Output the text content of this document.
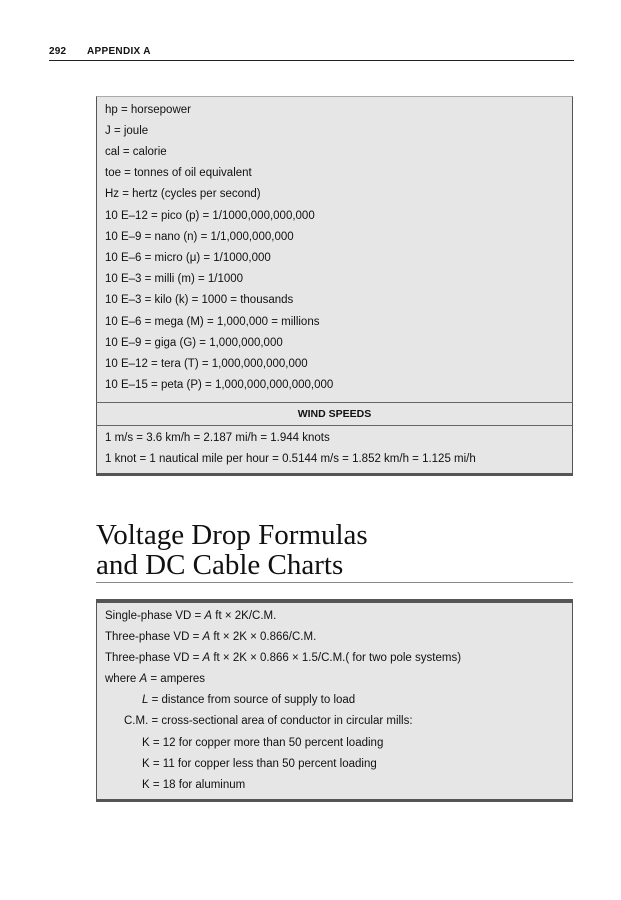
292 APPENDIX A
hp = horsepower
J = joule
cal = calorie
toe = tonnes of oil equivalent
Hz = hertz (cycles per second)
10 E–12 = pico (p) = 1/1000,000,000,000
10 E–9 = nano (n) = 1/1,000,000,000
10 E–6 = micro (μ) = 1/1000,000
10 E–3 = milli (m) = 1/1000
10 E–3 = kilo (k) = 1000 = thousands
10 E–6 = mega (M) = 1,000,000 = millions
10 E–9 = giga (G) = 1,000,000,000
10 E–12 = tera (T) = 1,000,000,000,000
10 E–15 = peta (P) = 1,000,000,000,000,000
WIND SPEEDS
1 m/s = 3.6 km/h = 2.187 mi/h = 1.944 knots
1 knot = 1 nautical mile per hour = 0.5144 m/s = 1.852 km/h = 1.125 mi/h
Voltage Drop Formulas
and DC Cable Charts
Single-phase VD = A ft × 2K/C.M.
Three-phase VD = A ft × 2K × 0.866/C.M.
Three-phase VD = A ft × 2K × 0.866 × 1.5/C.M.( for two pole systems)
where A = amperes
L = distance from source of supply to load
C.M. = cross-sectional area of conductor in circular mills:
K = 12 for copper more than 50 percent loading
K = 11 for copper less than 50 percent loading
K = 18 for aluminum
